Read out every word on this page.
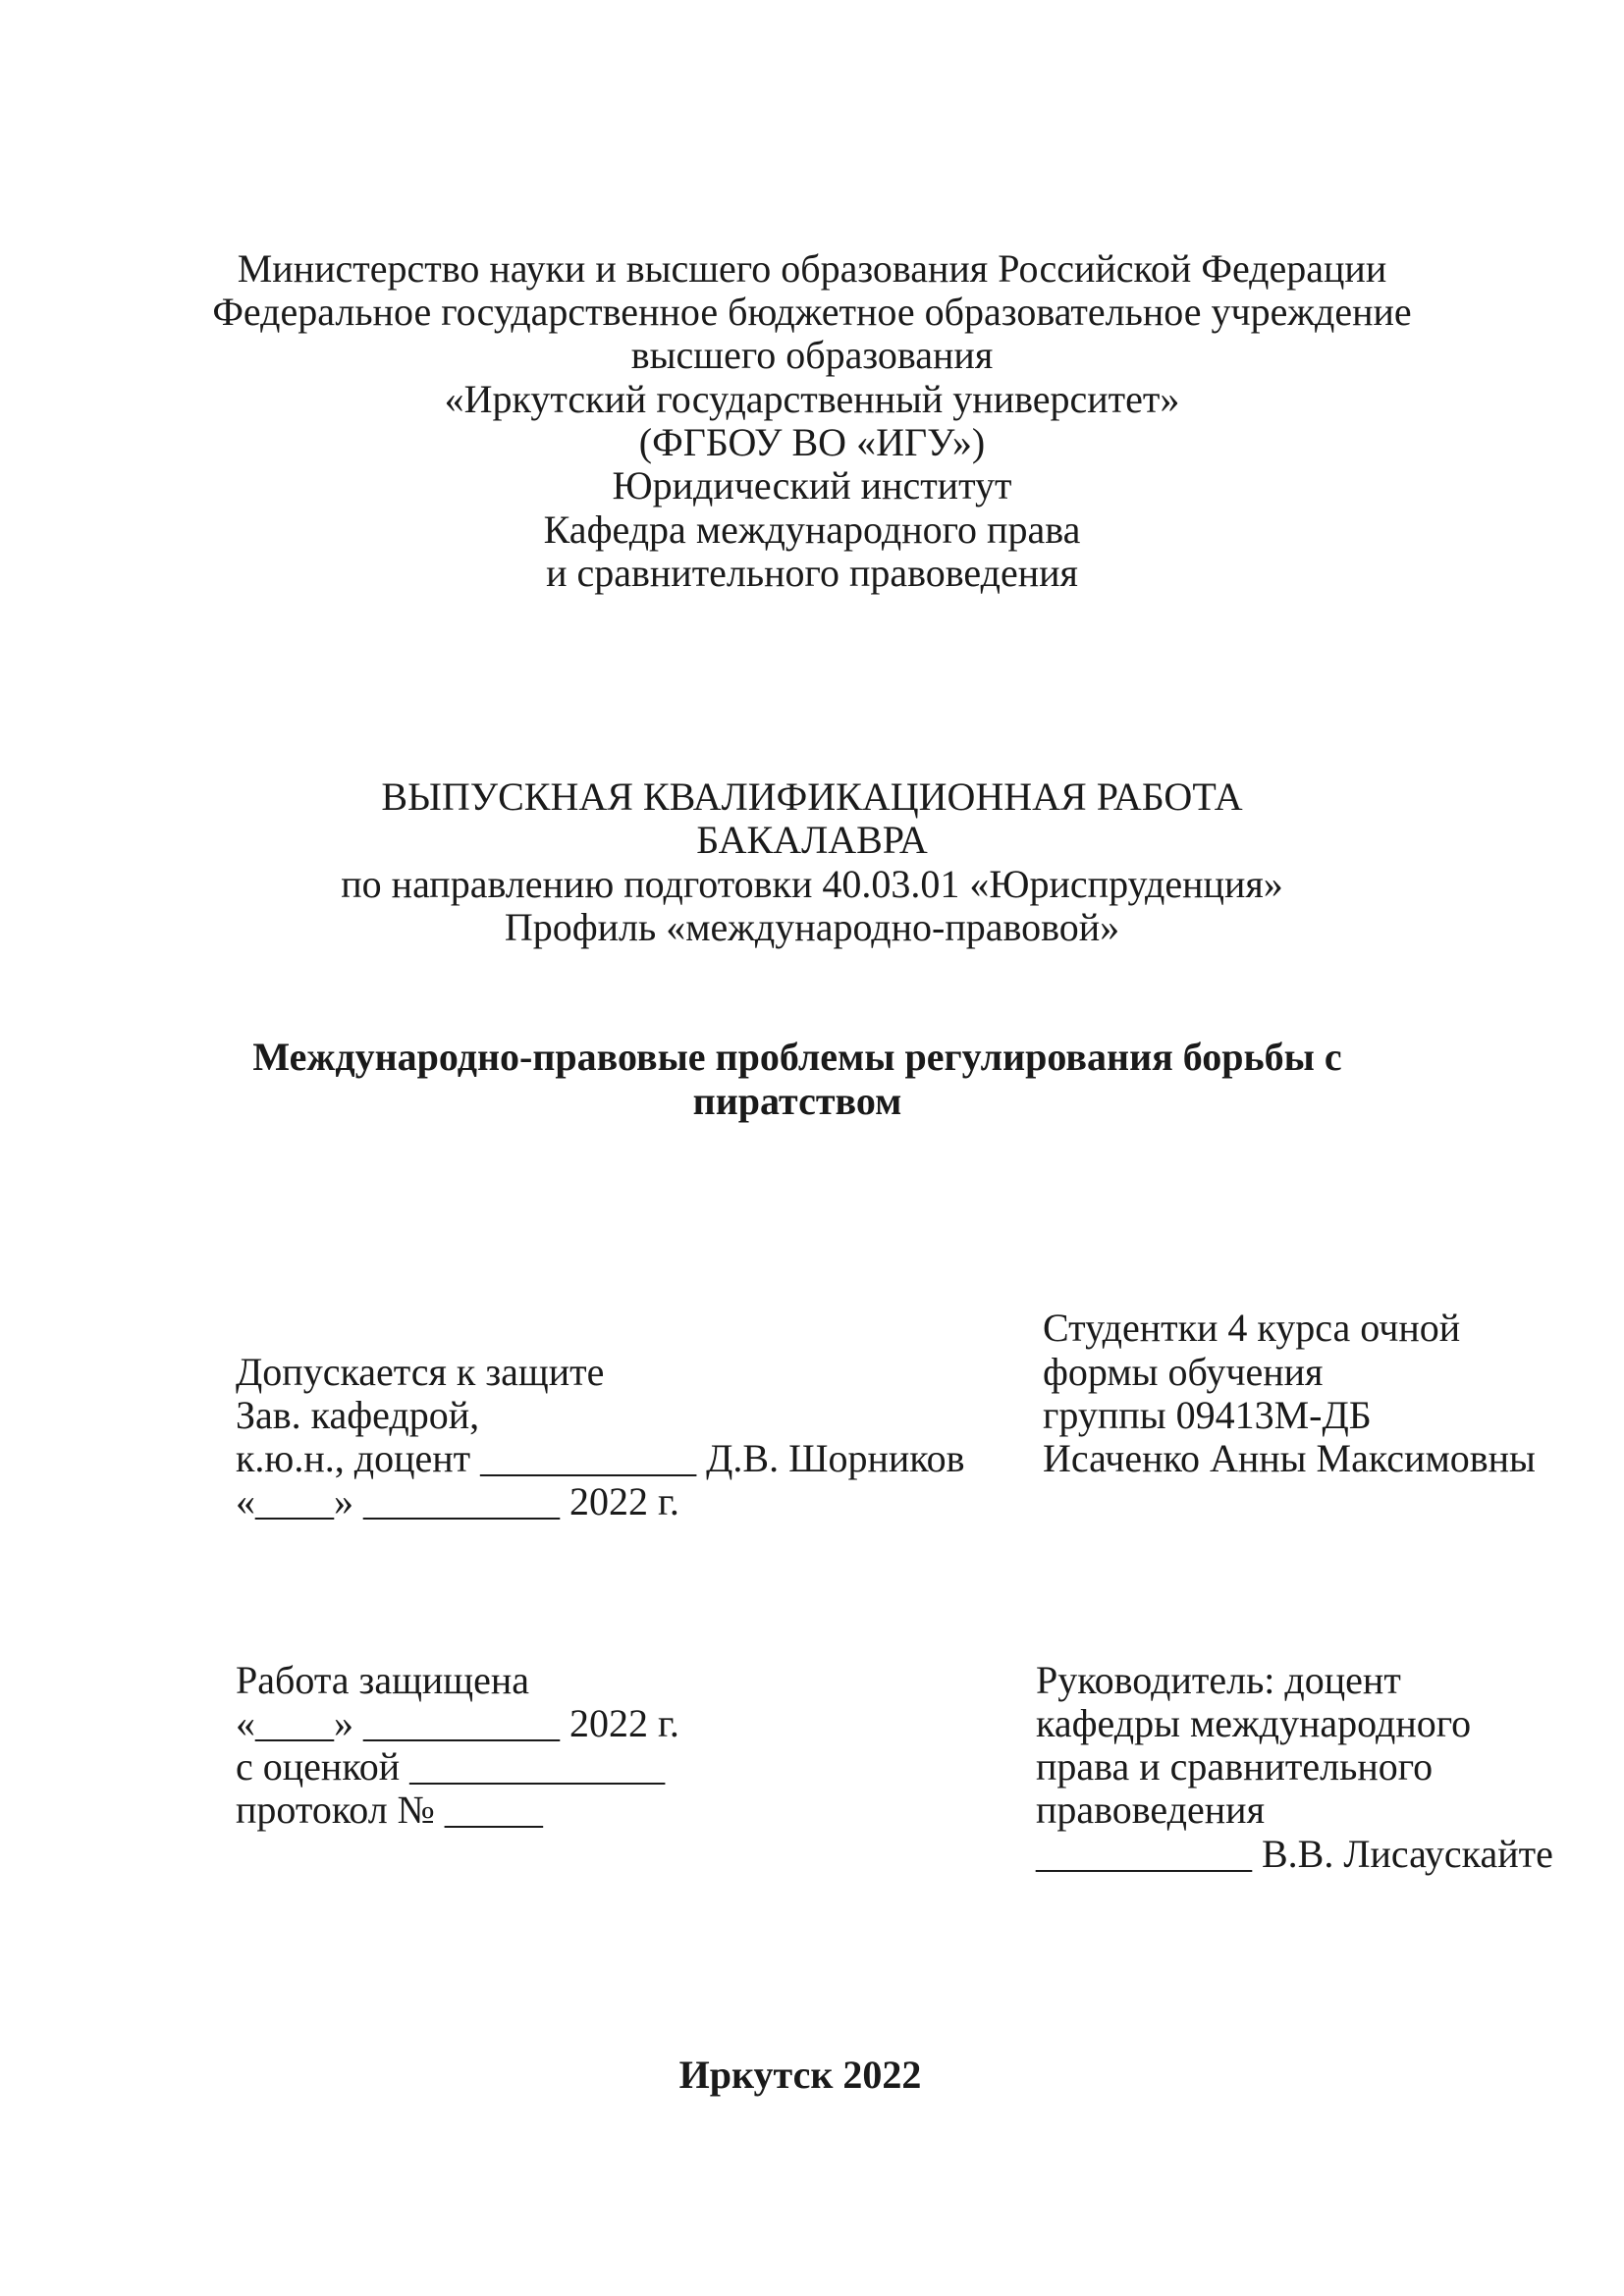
Министерство науки и высшего образования Российской Федерации
Федеральное государственное бюджетное образовательное учреждение
высшего образования
«Иркутский государственный университет»
(ФГБОУ ВО «ИГУ»)
Юридический институт
Кафедра международного права
и сравнительного правоведения
ВЫПУСКНАЯ КВАЛИФИКАЦИОННАЯ РАБОТА
БАКАЛАВРА
по направлению подготовки 40.03.01 «Юриспруденция»
Профиль «международно-правовой»
Международно-правовые проблемы регулирования борьбы с
пиратством
Допускается к защите
Зав. кафедрой,
к.ю.н., доцент ___________ Д.В. Шорников
«____» __________ 2022 г.
Студентки 4 курса очной
формы обучения
группы 09413М-ДБ
Исаченко Анны Максимовны
Работа защищена
«____» __________ 2022 г.
с оценкой _____________
протокол № _____
Руководитель: доцент
кафедры международного
права и сравнительного
правоведения
___________ В.В. Лисаускайте
Иркутск 2022
